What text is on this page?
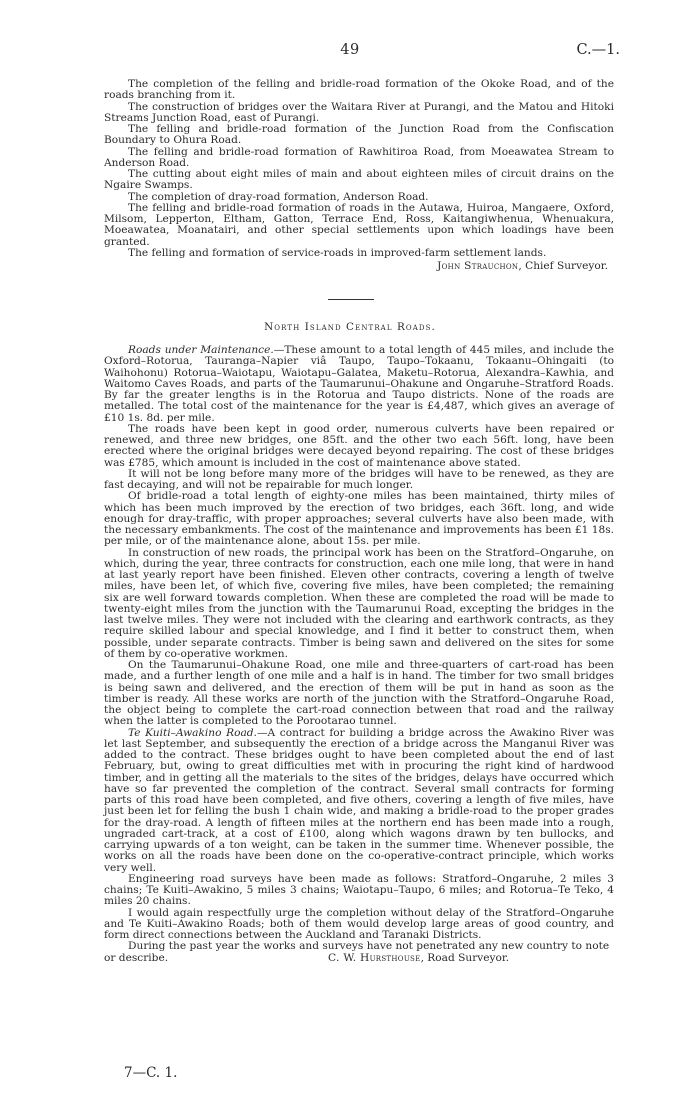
49	C.—1.

The completion of the felling and bridle-road formation of the Okoke Road, and of the roads branching from it.

The construction of bridges over the Waitara River at Purangi, and the Matou and Hitoki Streams Junction Road, east of Purangi.

The felling and bridle-road formation of the Junction Road from the Confiscation Boundary to Ohura Road.

The felling and bridle-road formation of Rawhitiroa Road, from Moeawatea Stream to Anderson Road.

The cutting about eight miles of main and about eighteen miles of circuit drains on the Ngaire Swamps.

The completion of dray-road formation, Anderson Road.

The felling and bridle-road formation of roads in the Autawa, Huiroa, Mangaere, Oxford, Milsom, Lepperton, Eltham, Gatton, Terrace End, Ross, Kaitangiwhenua, Whenuakura, Moeawatea, Moanatairi, and other special settlements upon which loadings have been granted.

The felling and formation of service-roads in improved-farm settlement lands.

John Strauchon, Chief Surveyor.
North Island Central Roads.

Roads under Maintenance.—These amount to a total length of 445 miles, and include the Oxford–Rotorua, Tauranga–Napier viâ Taupo, Taupo–Tokaanu, Tokaanu–Ohingaiti (to Waihohonu) Rotorua–Waiotapu, Waiotapu–Galatea, Maketu–Rotorua, Alexandra–Kawhia, and Waitomo Caves Roads, and parts of the Taumarunui–Ohakune and Ongaruhe–Stratford Roads. By far the greater lengths is in the Rotorua and Taupo districts. None of the roads are metalled. The total cost of the maintenance for the year is £4,487, which gives an average of £10 1s. 8d. per mile.

The roads have been kept in good order, numerous culverts have been repaired or renewed, and three new bridges, one 85ft. and the other two each 56ft. long, have been erected where the original bridges were decayed beyond repairing. The cost of these bridges was £785, which amount is included in the cost of maintenance above stated.

It will not be long before many more of the bridges will have to be renewed, as they are fast decaying, and will not be repairable for much longer.

Of bridle-road a total length of eighty-one miles has been maintained, thirty miles of which has been much improved by the erection of two bridges, each 36ft. long, and wide enough for dray-traffic, with proper approaches; several culverts have also been made, with the necessary embankments. The cost of the maintenance and improvements has been £1 18s. per mile, or of the maintenance alone, about 15s. per mile.

In construction of new roads, the principal work has been on the Stratford–Ongaruhe, on which, during the year, three contracts for construction, each one mile long, that were in hand at last yearly report have been finished. Eleven other contracts, covering a length of twelve miles, have been let, of which five, covering five miles, have been completed; the remaining six are well forward towards completion. When these are completed the road will be made to twenty-eight miles from the junction with the Taumarunui Road, excepting the bridges in the last twelve miles. They were not included with the clearing and earthwork contracts, as they require skilled labour and special knowledge, and I find it better to construct them, when possible, under separate contracts. Timber is being sawn and delivered on the sites for some of them by co-operative workmen.

On the Taumarunui–Ohakune Road, one mile and three-quarters of cart-road has been made, and a further length of one mile and a half is in hand. The timber for two small bridges is being sawn and delivered, and the erection of them will be put in hand as soon as the timber is ready. All these works are north of the junction with the Stratford–Ongaruhe Road, the object being to complete the cart-road connection between that road and the railway when the latter is completed to the Porootarao tunnel.

Te Kuiti–Awakino Road.—A contract for building a bridge across the Awakino River was let last September, and subsequently the erection of a bridge across the Manganui River was added to the contract. These bridges ought to have been completed about the end of last February, but, owing to great difficulties met with in procuring the right kind of hardwood timber, and in getting all the materials to the sites of the bridges, delays have occurred which have so far prevented the completion of the contract. Several small contracts for forming parts of this road have been completed, and five others, covering a length of five miles, have just been let for felling the bush 1 chain wide, and making a bridle-road to the proper grades for the dray-road. A length of fifteen miles at the northern end has been made into a rough, ungraded cart-track, at a cost of £100, along which wagons drawn by ten bullocks, and carrying upwards of a ton weight, can be taken in the summer time. Whenever possible, the works on all the roads have been done on the co-operative-contract principle, which works very well.

Engineering road surveys have been made as follows: Stratford–Ongaruhe, 2 miles 3 chains; Te Kuiti–Awakino, 5 miles 3 chains; Waiotapu–Taupo, 6 miles; and Rotorua–Te Teko, 4 miles 20 chains.

I would again respectfully urge the completion without delay of the Stratford–Ongaruhe and Te Kuiti–Awakino Roads; both of them would develop large areas of good country, and form direct connections between the Auckland and Taranaki Districts.

During the past year the works and surveys have not penetrated any new country to note

or describe.	C. W. Hursthouse, Road Surveyor.
7—C. 1.
